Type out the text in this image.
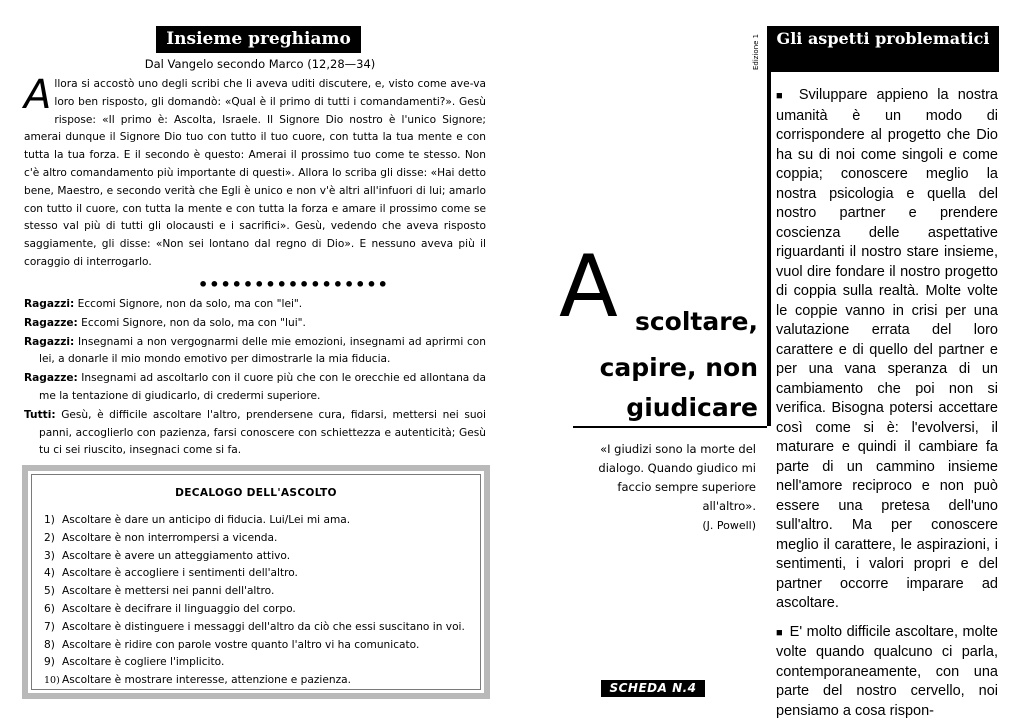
Insieme preghiamo
Dal Vangelo secondo Marco (12,28—34)
A llora si accostò uno degli scribi che li aveva uditi discutere, e, visto come ave-va loro ben risposto, gli domandò: «Qual è il primo di tutti i comandamenti?». Gesù rispose: «Il primo è: Ascolta, Israele. Il Signore Dio nostro è l'unico Signore; amerai dunque il Signore Dio tuo con tutto il tuo cuore, con tutta la tua mente e con tutta la tua forza. E il secondo è questo: Amerai il prossimo tuo come te stesso. Non c'è altro comandamento più importante di questi». Allora lo scriba gli disse: «Hai detto bene, Maestro, e secondo verità che Egli è unico e non v'è altri all'infuori di lui; amarlo con tutto il cuore, con tutta la mente e con tutta la forza e amare il prossimo come se stesso val più di tutti gli olocausti e i sacrifici». Gesù, vedendo che aveva risposto saggiamente, gli disse: «Non sei lontano dal regno di Dio». E nessuno aveva più il coraggio di interrogarlo.
•••••••••••••••••
Ragazzi: Eccomi Signore, non da solo, ma con "lei".
Ragazze: Eccomi Signore, non da solo, ma con "lui".
Ragazzi: Insegnami a non vergognarmi delle mie emozioni, insegnami ad aprirmi con lei, a donarle il mio mondo emotivo per dimostrarle la mia fiducia.
Ragazze: Insegnami ad ascoltarlo con il cuore più che con le orecchie ed allontana da me la tentazione di giudicarlo, di credermi superiore.
Tutti: Gesù, è difficile ascoltare l'altro, prendersene cura, fidarsi, mettersi nei suoi panni, accoglierlo con pazienza, farsi conoscere con schiettezza e autenticità; Gesù tu ci sei riuscito, insegnaci come si fa.
DECALOGO DELL'ASCOLTO
1) Ascoltare è dare un anticipo di fiducia. Lui/Lei mi ama.
2) Ascoltare è non interrompersi a vicenda.
3) Ascoltare è avere un atteggiamento attivo.
4) Ascoltare è accogliere i sentimenti dell'altro.
5) Ascoltare è mettersi nei panni dell'altro.
6) Ascoltare è decifrare il linguaggio del corpo.
7) Ascoltare è distinguere i messaggi dell'altro da ciò che essi suscitano in voi.
8) Ascoltare è ridire con parole vostre quanto l'altro vi ha comunicato.
9) Ascoltare è cogliere l'implicito.
10) Ascoltare è mostrare interesse, attenzione e pazienza.
Edizione 1
A scoltare,
capire, non
giudicare
«I giudizi sono la morte del dialogo. Quando giudico mi faccio sempre superiore all'altro».
(J. Powell)
SCHEDA N.4
Gli aspetti problematici

■ Sviluppare appieno la nostra umanità è un modo di corrispondere al progetto che Dio ha su di noi come singoli e come coppia; conoscere meglio la nostra psicologia e quella del nostro partner e prendere coscienza delle aspettative riguardanti il nostro stare insieme, vuol dire fondare il nostro progetto di coppia sulla realtà. Molte volte le coppie vanno in crisi per una valutazione errata del loro carattere e di quello del partner e per una vana speranza di un cambiamento che poi non si verifica. Bisogna potersi accettare così come si è: l'evolversi, il maturare e quindi il cambiare fa parte di un cammino insieme nell'amore reciproco e non può essere una pretesa dell'uno sull'altro. Ma per conoscere meglio il carattere, le aspirazioni, i sentimenti, i valori propri e del partner occorre imparare ad ascoltare.

■ E' molto difficile ascoltare, molte volte quando qualcuno ci parla, contemporaneamente, con una parte del nostro cervello, noi pensiamo a cosa rispon-
